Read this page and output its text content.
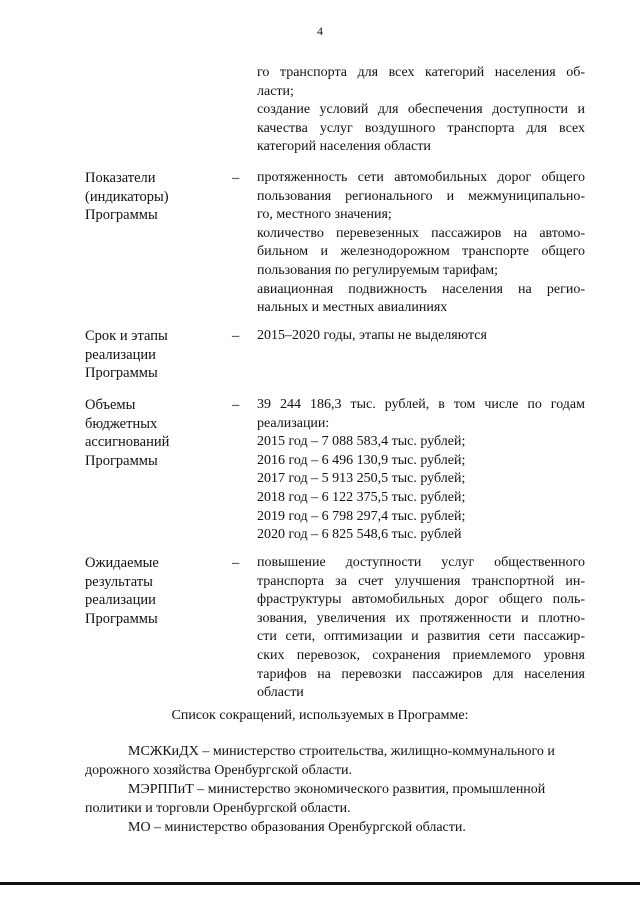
4
го транспорта для всех категорий населения об-
ласти;
создание условий для обеспечения доступности и
качества услуг воздушного транспорта для всех
категорий населения области
Показатели
(индикаторы)
Программы
– протяженность сети автомобильных дорог общего
пользования регионального и межмуниципально-
го, местного значения;
количество перевезенных пассажиров на автомо-
бильном и железнодорожном транспорте общего
пользования по регулируемым тарифам;
авиационная подвижность населения на регио-
нальных и местных авиалиниях
Срок и этапы
реализации
Программы
– 2015–2020 годы, этапы не выделяются
Объемы
бюджетных
ассигнований
Программы
– 39 244 186,3 тыс. рублей, в том числе по годам
реализации:
2015 год – 7 088 583,4 тыс. рублей;
2016 год – 6 496 130,9 тыс. рублей;
2017 год – 5 913 250,5 тыс. рублей;
2018 год – 6 122 375,5 тыс. рублей;
2019 год – 6 798 297,4 тыс. рублей;
2020 год – 6 825 548,6 тыс. рублей
Ожидаемые
результаты
реализации
Программы
– повышение доступности услуг общественного
транспорта за счет улучшения транспортной ин-
фраструктуры автомобильных дорог общего поль-
зования, увеличения их протяженности и плотно-
сти сети, оптимизации и развития сети пассажир-
ских перевозок, сохранения приемлемого уровня
тарифов на перевозки пассажиров для населения
области
Список сокращений, используемых в Программе:
МСЖКиДХ – министерство строительства, жилищно-коммунального и дорожного хозяйства Оренбургской области.
МЭРППиТ – министерство экономического развития, промышленной политики и торговли Оренбургской области.
МО – министерство образования Оренбургской области.
